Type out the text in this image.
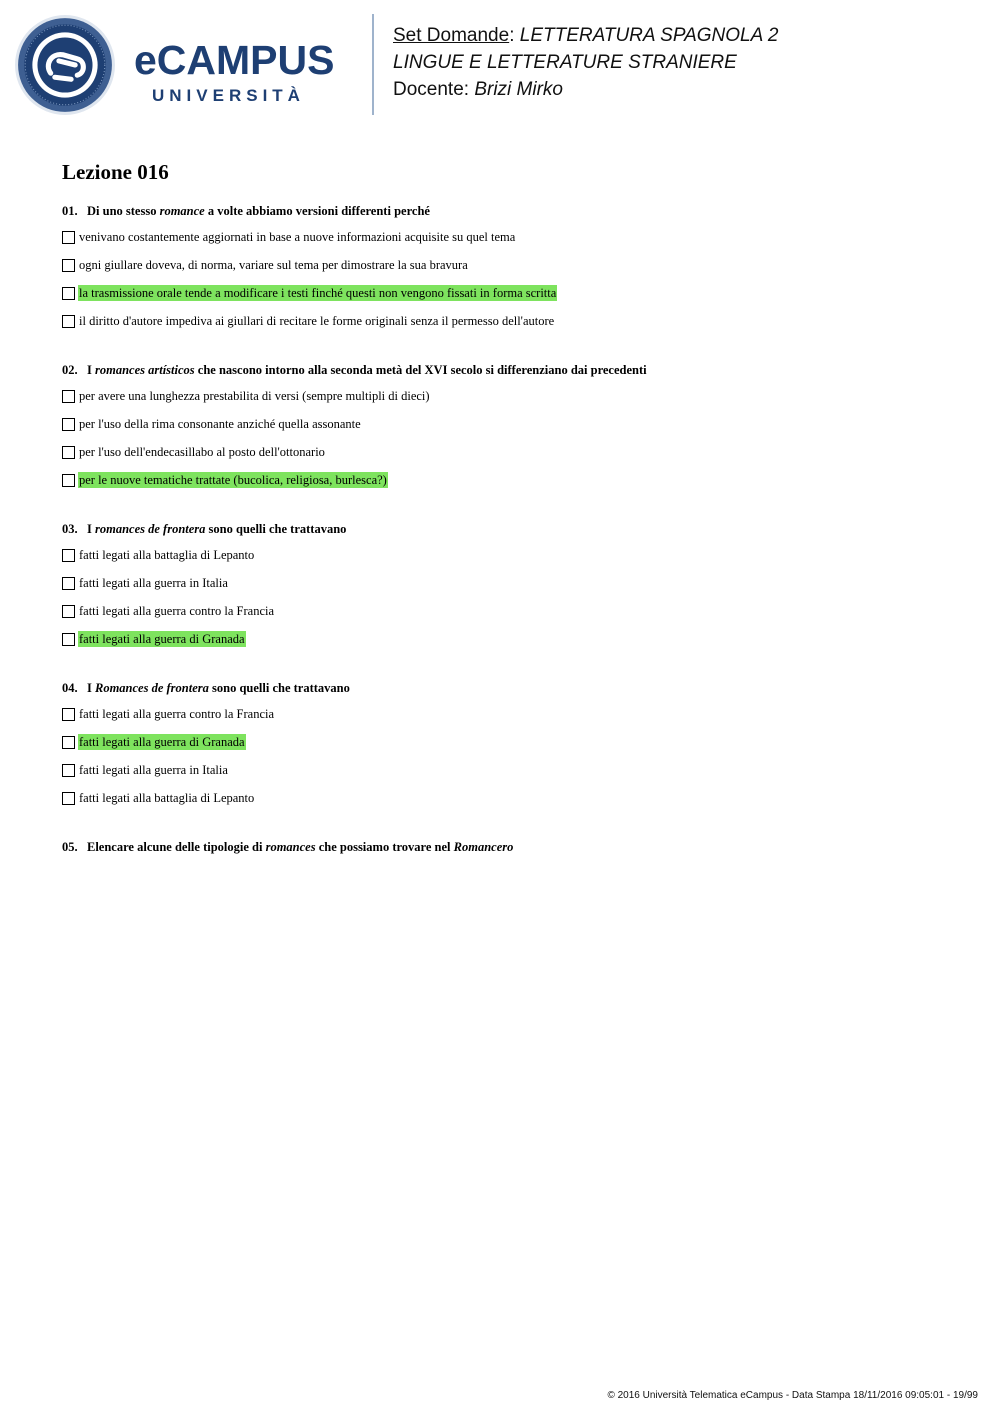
eCAMPUS
UNIVERSITÀ
Set Domande: LETTERATURA SPAGNOLA 2
LINGUE E LETTERATURE STRANIERE
Docente: Brizi Mirko
Lezione 016
01. Di uno stesso romance a volte abbiamo versioni differenti perché
venivano costantemente aggiornati in base a nuove informazioni acquisite su quel tema
ogni giullare doveva, di norma, variare sul tema per dimostrare la sua bravura
la trasmissione orale tende a modificare i testi finché questi non vengono fissati in forma scritta
il diritto d'autore impediva ai giullari di recitare le forme originali senza il permesso dell'autore
02. I romances artísticos che nascono intorno alla seconda metà del XVI secolo si differenziano dai precedenti
per avere una lunghezza prestabilita di versi (sempre multipli di dieci)
per l'uso della rima consonante anziché quella assonante
per l'uso dell'endecasillabo al posto dell'ottonario
per le nuove tematiche trattate (bucolica, religiosa, burlesca?)
03. I romances de frontera sono quelli che trattavano
fatti legati alla battaglia di Lepanto
fatti legati alla guerra in Italia
fatti legati alla guerra contro la Francia
fatti legati alla guerra di Granada
04. I Romances de frontera sono quelli che trattavano
fatti legati alla guerra contro la Francia
fatti legati alla guerra di Granada
fatti legati alla guerra in Italia
fatti legati alla battaglia di Lepanto
05. Elencare alcune delle tipologie di romances che possiamo trovare nel Romancero
© 2016 Università Telematica eCampus - Data Stampa 18/11/2016 09:05:01 - 19/99
